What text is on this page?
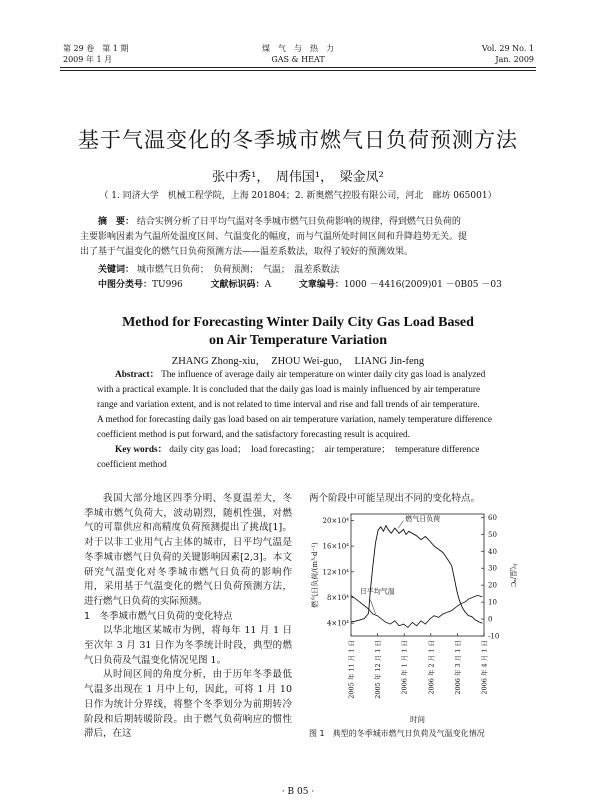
第 29 卷　第 1 期
2009 年 1 月
煤　气　与　热　力
GAS & HEAT
Vol. 29 No. 1
Jan. 2009
基于气温变化的冬季城市燃气日负荷预测方法
张中秀¹，　周伟国¹，　梁金凤²
（ 1. 同济大学　机械工程学院，上海 201804；2. 新奥燃气控股有限公司，河北　廊坊 065001）
摘　要： 结合实例分析了日平均气温对冬季城市燃气日负荷影响的规律，得到燃气日负荷的
主要影响因素为气温所处温度区间、气温变化的幅度，而与气温所处时间区间和升降趋势无关。提
出了基于气温变化的燃气日负荷预测方法——温差系数法，取得了较好的预测效果。
关键词： 城市燃气日负荷；　负荷预测；　气温；　温差系数法
中图分类号：TU996	文献标识码：A	文章编号：1000 －4416(2009)01 －0B05 －03
Method for Forecasting Winter Daily City Gas Load Based
on Air Temperature Variation
ZHANG Zhong-xiu，　ZHOU Wei-guo，　LIANG Jin-feng
Abstract： The influence of average daily air temperature on winter daily city gas load is analyzed
with a practical example. It is concluded that the daily gas load is mainly influenced by air temperature
range and variation extent, and is not related to time interval and rise and fall trends of air temperature.
A method for forecasting daily gas load based on air temperature variation, namely temperature difference
coefficient method is put forward, and the satisfactory forecasting result is acquired.
Key words： daily city gas load；　load forecasting；　air temperature；　temperature difference
coefficient method

我国大部分地区四季分明、冬夏温差大，冬季城市燃气负荷大，波动剧烈，随机性强，对燃气的可靠供应和高精度负荷预测提出了挑战[1]。对于以非工业用气占主体的城市，日平均气温是冬季城市燃气日负荷的关键影响因素[2,3]。本文研究气温变化对冬季城市燃气日负荷的影响作用，采用基于气温变化的燃气日负荷预测方法，进行燃气日负荷的实际预测。

1　冬季城市燃气日负荷的变化特点

以华北地区某城市为例，将每年 11 月 1 日至次年 3 月 31 日作为冬季统计时段，典型的燃气日负荷及气温变化情况见图 1。

从时间区间的角度分析，由于历年冬季最低气温多出现在 1 月中上旬，因此，可将 1 月 10 日作为统计分界线，将整个冬季划分为前期转冷阶段和后期转暖阶段。由于燃气负荷响应的惯性滞后，在这

两个阶段中可能呈现出不同的变化特点。
4×10⁴
8×10⁴
12×10⁴
16×10⁴
20×10⁴
-10
0
10
20
30
40
50
60
2005 年 11 月 1 日	2005 年 12 月 1 日	2006 年 1 月 1 日	2006 年 2 月 1 日	2006 年 3 月 1 日	2006 年 4 月 1 日
燃气日负荷
日平均气温
燃气日负荷/(m³·d⁻¹)	气温/℃
时间
图 1　典型的冬季城市燃气日负荷及气温变化情况
· B 05 ·
